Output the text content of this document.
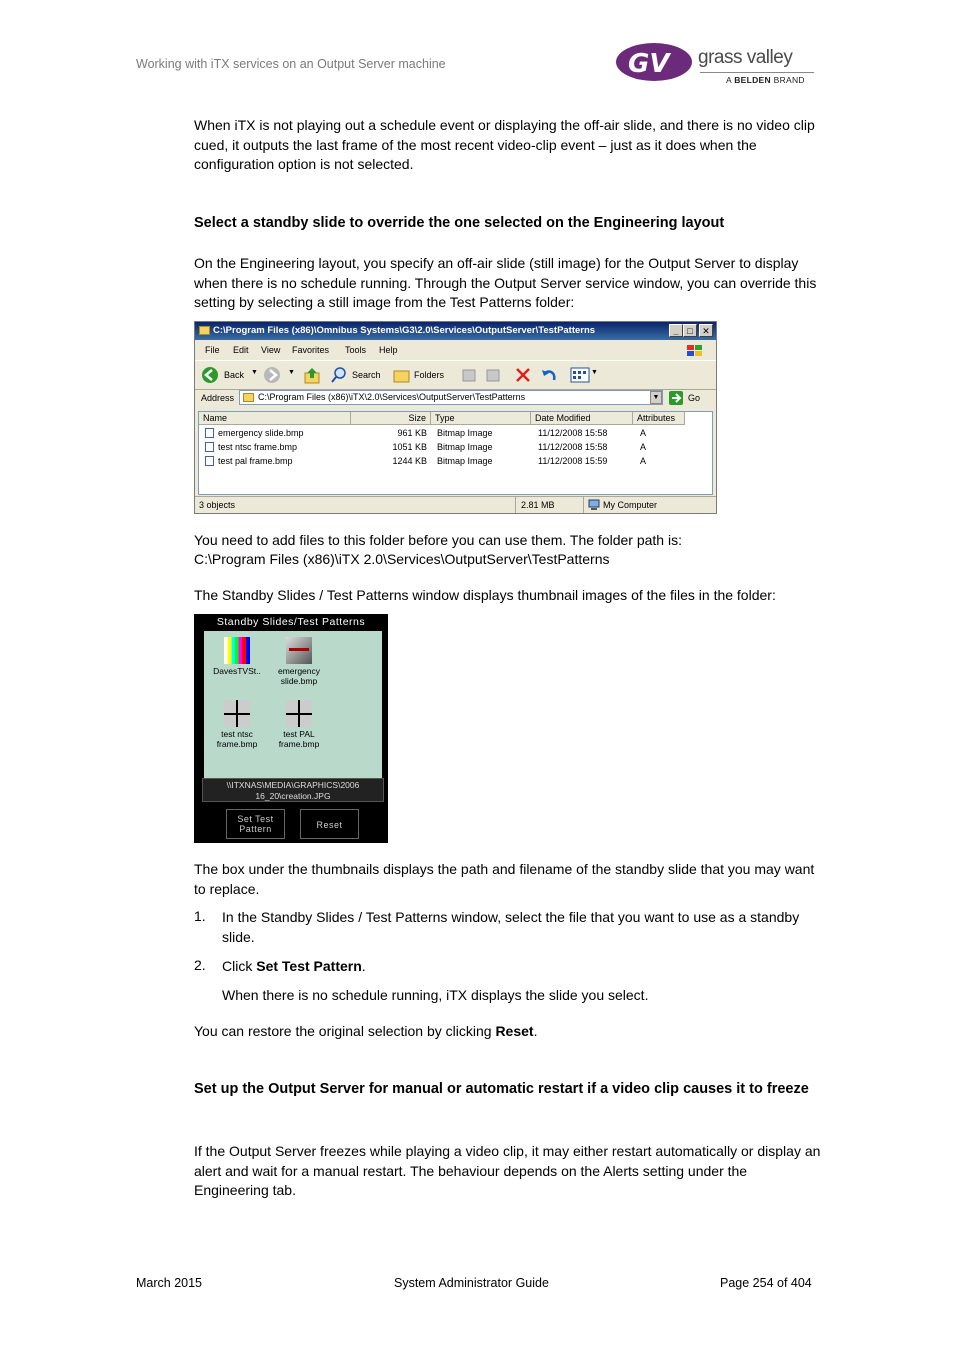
Working with iTX services on an Output Server machine	GV grass valley
A BELDEN BRAND
When iTX is not playing out a schedule event or displaying the off-air slide, and there is no video clip cued, it outputs the last frame of the most recent video-clip event – just as it does when the configuration option is not selected.
Select a standby slide to override the one selected on the Engineering layout
On the Engineering layout, you specify an off-air slide (still image) for the Output Server to display when there is no schedule running. Through the Output Server service window, you can override this setting by selecting a still image from the Test Patterns folder:
C:\Program Files (x86)\Omnibus Systems\G3\2.0\Services\OutputServer\TestPatterns	_ □	✕
File Edit View Favorites Tools Help
Back ▼	▼	Search	Folders	▼
Address	C:\Program Files (x86)\iTX\2.0\Services\OutputServer\TestPatterns	▼	Go
Name	Size	Type	Date Modified	Attributes
emergency slide.bmp	961 KB Bitmap Image	11/12/2008 15:58	A
test ntsc frame.bmp	1051 KB Bitmap Image	11/12/2008 15:58	A
test pal frame.bmp	1244 KB Bitmap Image	11/12/2008 15:59	A
3 objects	2.81 MB	My Computer
You need to add files to this folder before you can use them. The folder path is:
C:\Program Files (x86)\iTX 2.0\Services\OutputServer\TestPatterns
The Standby Slides / Test Patterns window displays thumbnail images of the files in the folder:
Standby Slides/Test Patterns
DavesTVSt..	emergency
slide.bmp
test ntsc
frame.bmp
test PAL
frame.bmp
\\ITXNAS\MEDIA\GRAPHICS\2006
16_20\creation.JPG
Set Test
Pattern	Reset
The box under the thumbnails displays the path and filename of the standby slide that you may want to replace.
1. In the Standby Slides / Test Patterns window, select the file that you want to use as a standby slide.
2. Click Set Test Pattern.
When there is no schedule running, iTX displays the slide you select.
You can restore the original selection by clicking Reset.
Set up the Output Server for manual or automatic restart if a video clip causes it to freeze
If the Output Server freezes while playing a video clip, it may either restart automatically or display an alert and wait for a manual restart. The behaviour depends on the Alerts setting under the Engineering tab.
March 2015	System Administrator Guide	Page 254 of 404
